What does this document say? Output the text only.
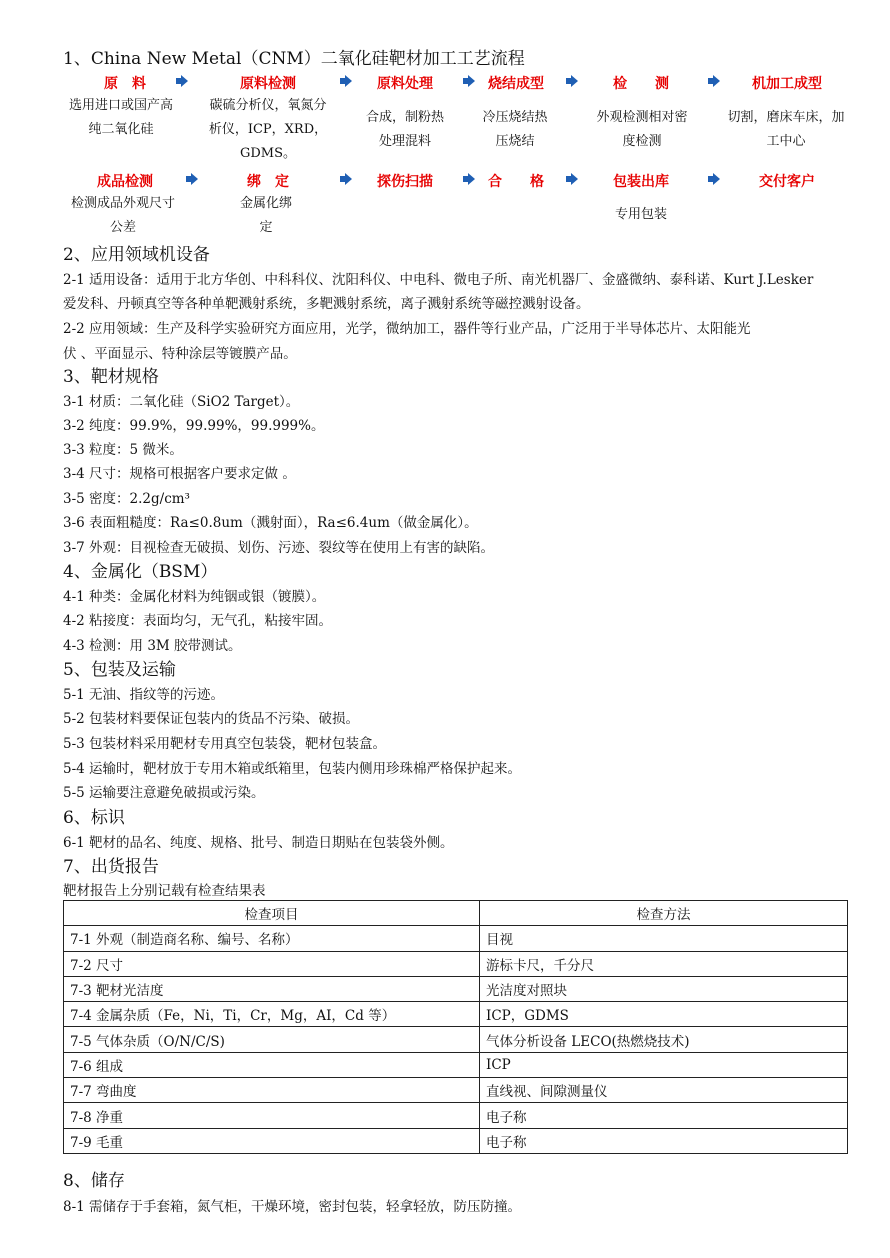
1、China New Metal（CNM）二氧化硅靶材加工工艺流程
原　料	原料检测	原料处理	烧结成型	检　　测	机加工成型
选用进口或国产高纯二氧化硅
碳硫分析仪，氧氮分析仪，ICP，XRD，GDMS。
合成，制粉热处理混料
冷压烧结热压烧结
外观检测相对密度检测
切割，磨床车床，加工中心
成品检测	绑　定	探伤扫描	合　　格	包装出库	交付客户
检测成品外观尺寸公差
金属化绑定
专用包装
2、应用领域机设备
2-1 适用设备：适用于北方华创、中科科仪、沈阳科仪、中电科、微电子所、南光机器厂、金盛微纳、泰科诺、Kurt J.Lesker
爱发科、丹顿真空等各种单靶溅射系统，多靶溅射系统，离子溅射系统等磁控溅射设备。
2-2 应用领域：生产及科学实验研究方面应用，光学，微纳加工，器件等行业产品，广泛用于半导体芯片、太阳能光
伏 、平面显示、特种涂层等镀膜产品。
3、靶材规格
3-1 材质：二氧化硅（SiO2 Target）。
3-2 纯度：99.9%，99.99%，99.999%。
3-3 粒度：5 微米。
3-4 尺寸：规格可根据客户要求定做 。
3-5 密度：2.2g/cm³
3-6 表面粗糙度：Ra≤0.8um（溅射面），Ra≤6.4um（做金属化）。
3-7 外观：目视检查无破损、划伤、污迹、裂纹等在使用上有害的缺陷。
4、金属化（BSM）
4-1 种类：金属化材料为纯铟或银（镀膜）。
4-2 粘接度：表面均匀，无气孔，粘接牢固。
4-3 检测：用 3M 胶带测试。
5、包装及运输
5-1 无油、指纹等的污迹。
5-2 包装材料要保证包装内的货品不污染、破损。
5-3 包装材料采用靶材专用真空包装袋，靶材包装盒。
5-4 运输时，靶材放于专用木箱或纸箱里，包装内侧用珍珠棉严格保护起来。
5-5 运输要注意避免破损或污染。
6、标识
6-1 靶材的品名、纯度、规格、批号、制造日期贴在包装袋外侧。
7、出货报告
靶材报告上分别记载有检查结果表
检查项目	检查方法
7-1 外观（制造商名称、编号、名称）	目视
7-2 尺寸	游标卡尺，千分尺
7-3 靶材光洁度	光洁度对照块
7-4 金属杂质（Fe，Ni，Ti，Cr，Mg，AI，Cd 等）	ICP，GDMS
7-5 气体杂质（O/N/C/S)	气体分析设备 LECO(热燃烧技术)
7-6 组成	ICP
7-7 弯曲度	直线视、间隙测量仪
7-8 净重	电子称
7-9 毛重	电子称
8、储存
8-1 需储存于手套箱，氮气柜，干燥环境，密封包装，轻拿轻放，防压防撞。
